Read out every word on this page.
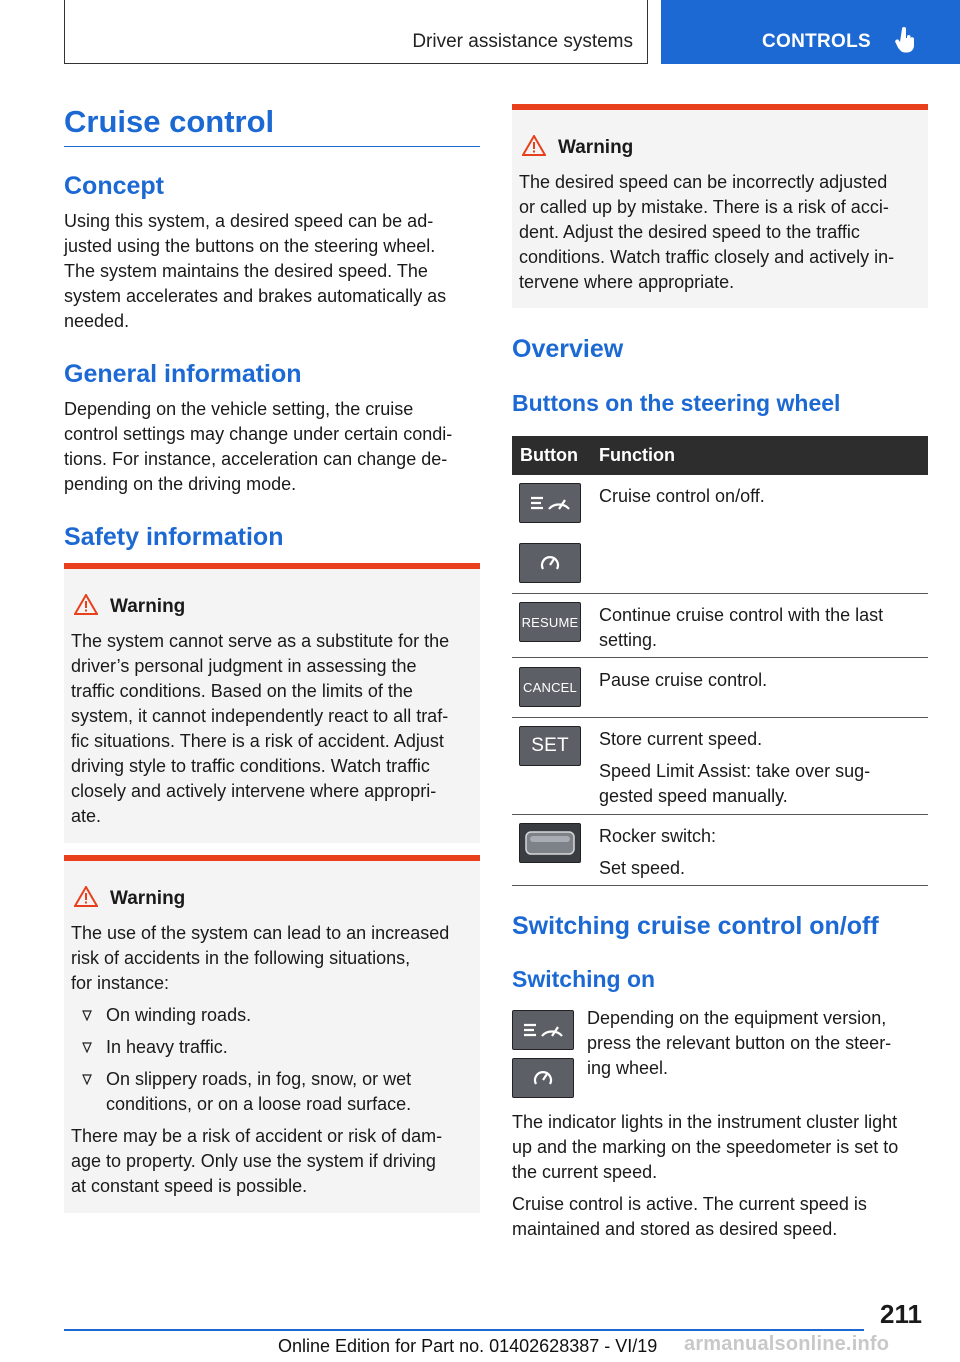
Driver assistance systems	CONTROLS
Cruise control
Concept
Using this system, a desired speed can be ad‐
justed using the buttons on the steering wheel.
The system maintains the desired speed. The
system accelerates and brakes automatically as
needed.
General information
Depending on the vehicle setting, the cruise
control settings may change under certain condi‐
tions. For instance, acceleration can change de‐
pending on the driving mode.
Safety information
Warning
The system cannot serve as a substitute for the
driver’s personal judgment in assessing the
traffic conditions. Based on the limits of the
system, it cannot independently react to all traf‐
fic situations. There is a risk of accident. Adjust
driving style to traffic conditions. Watch traffic
closely and actively intervene where appropri‐
ate.
Warning
The use of the system can lead to an increased
risk of accidents in the following situations,
for instance:
On winding roads.
In heavy traffic.
On slippery roads, in fog, snow, or wet
conditions, or on a loose road surface.
There may be a risk of accident or risk of dam‐
age to property. Only use the system if driving
at constant speed is possible.
Warning
The desired speed can be incorrectly adjusted
or called up by mistake. There is a risk of acci‐
dent. Adjust the desired speed to the traffic
conditions. Watch traffic closely and actively in‐
tervene where appropriate.
Overview
Buttons on the steering wheel
Button Function
Cruise control on/off.
RESUME Continue cruise control with the last
setting.
CANCEL Pause cruise control.
SET Store current speed.
Speed Limit Assist: take over sug‐
gested speed manually.
Rocker switch:
Set speed.
Switching cruise control on/off
Switching on
Depending on the equipment version,
press the relevant button on the steer‐
ing wheel.
The indicator lights in the instrument cluster light
up and the marking on the speedometer is set to
the current speed.
Cruise control is active. The current speed is
maintained and stored as desired speed.
211
Online Edition for Part no. 01402628387 - VI/19 armanualsonline.info
